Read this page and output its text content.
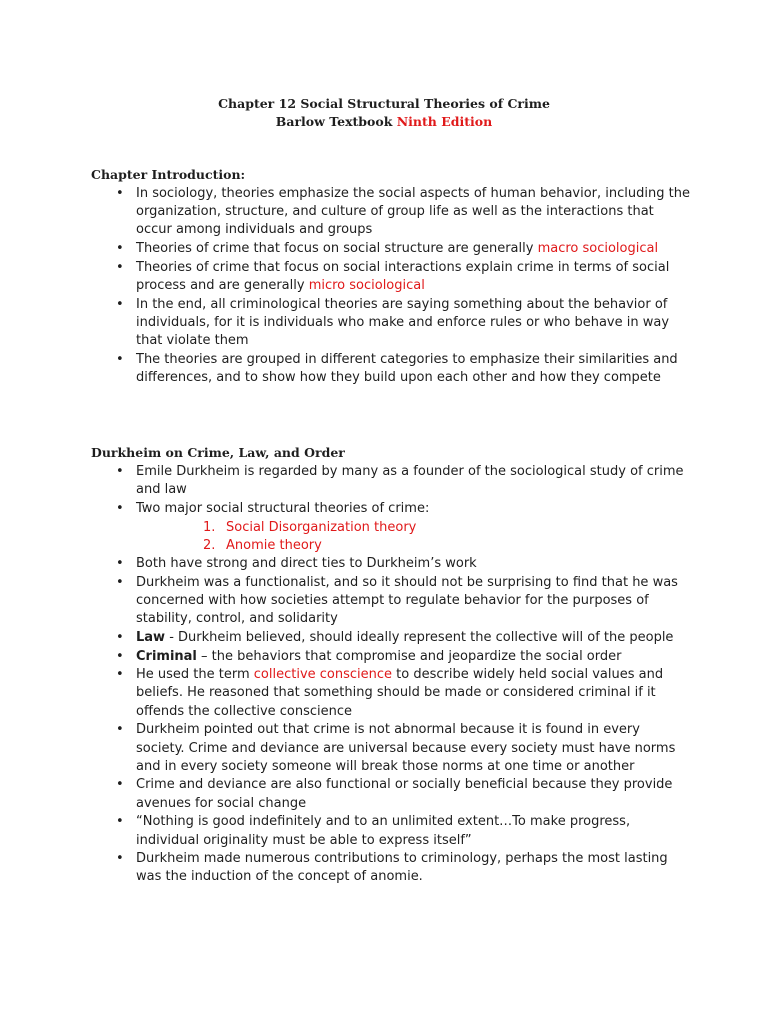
Chapter 12 Social Structural Theories of Crime
Barlow Textbook Ninth Edition
Chapter Introduction:
• In sociology, theories emphasize the social aspects of human behavior, including the organization, structure, and culture of group life as well as the interactions that occur among individuals and groups
• Theories of crime that focus on social structure are generally macro sociological
• Theories of crime that focus on social interactions explain crime in terms of social process and are generally micro sociological
• In the end, all criminological theories are saying something about the behavior of individuals, for it is individuals who make and enforce rules or who behave in way that violate them
• The theories are grouped in different categories to emphasize their similarities and differences, and to show how they build upon each other and how they compete
Durkheim on Crime, Law, and Order
• Emile Durkheim is regarded by many as a founder of the sociological study of crime and law
• Two major social structural theories of crime:
1. Social Disorganization theory
2. Anomie theory
• Both have strong and direct ties to Durkheim’s work
• Durkheim was a functionalist, and so it should not be surprising to find that he was concerned with how societies attempt to regulate behavior for the purposes of stability, control, and solidarity
• Law - Durkheim believed, should ideally represent the collective will of the people
• Criminal – the behaviors that compromise and jeopardize the social order
• He used the term collective conscience to describe widely held social values and beliefs. He reasoned that something should be made or considered criminal if it offends the collective conscience
• Durkheim pointed out that crime is not abnormal because it is found in every society. Crime and deviance are universal because every society must have norms and in every society someone will break those norms at one time or another
• Crime and deviance are also functional or socially beneficial because they provide avenues for social change
• “Nothing is good indefinitely and to an unlimited extent…To make progress, individual originality must be able to express itself”
• Durkheim made numerous contributions to criminology, perhaps the most lasting was the induction of the concept of anomie.
